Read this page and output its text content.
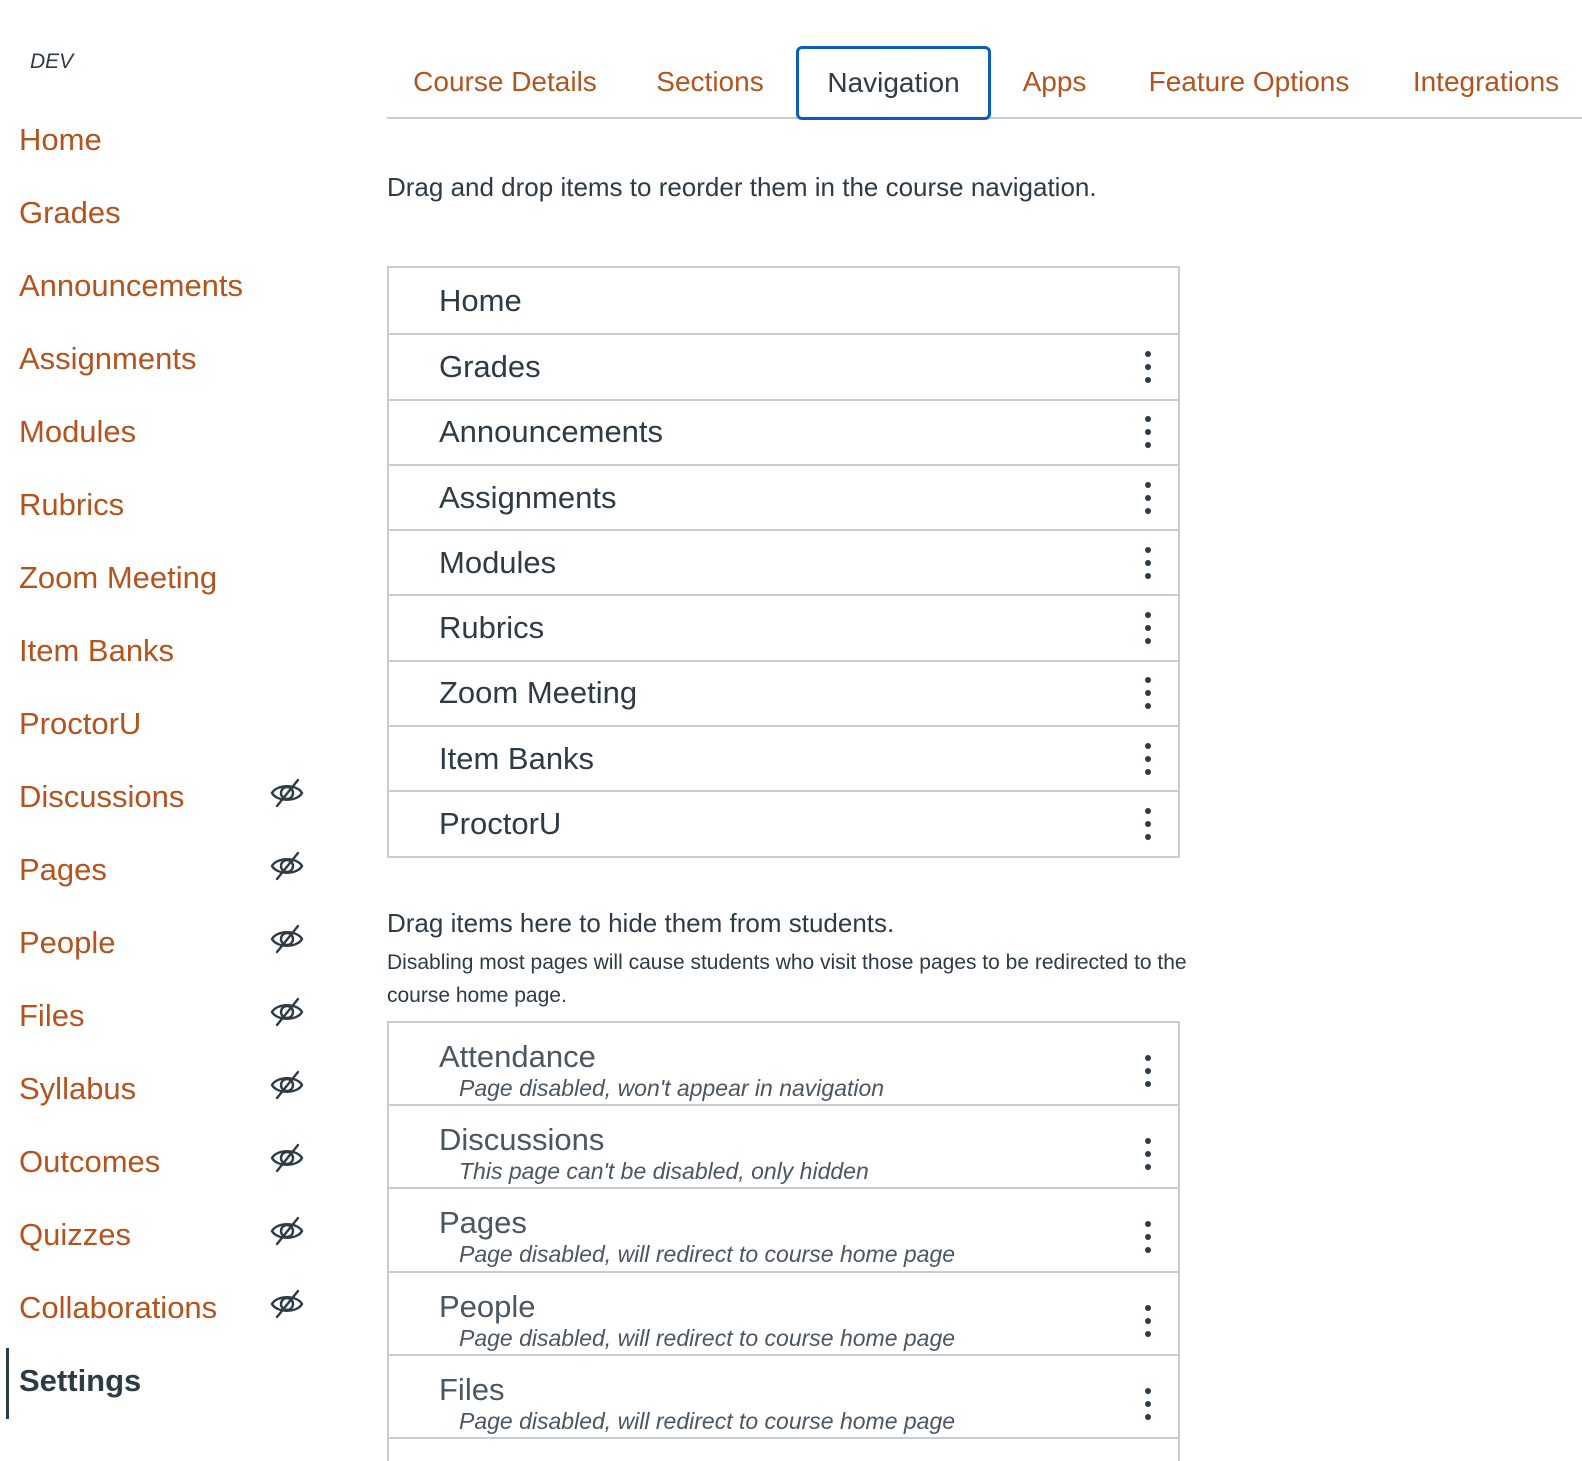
DEV
Home
Grades
Announcements
Assignments
Modules
Rubrics
Zoom Meeting
Item Banks
ProctorU
Discussions
Pages
People
Files
Syllabus
Outcomes
Quizzes
Collaborations
Settings
Course Details	Sections	Navigation	Apps	Feature Options	Integrations
Drag and drop items to reorder them in the course navigation.
Home
Grades
Announcements
Assignments
Modules
Rubrics
Zoom Meeting
Item Banks
ProctorU
Drag items here to hide them from students.
Disabling most pages will cause students who visit those pages to be redirected to the course home page.
Attendance
Page disabled, won't appear in navigation
Discussions
This page can't be disabled, only hidden
Pages
Page disabled, will redirect to course home page
People
Page disabled, will redirect to course home page
Files
Page disabled, will redirect to course home page
